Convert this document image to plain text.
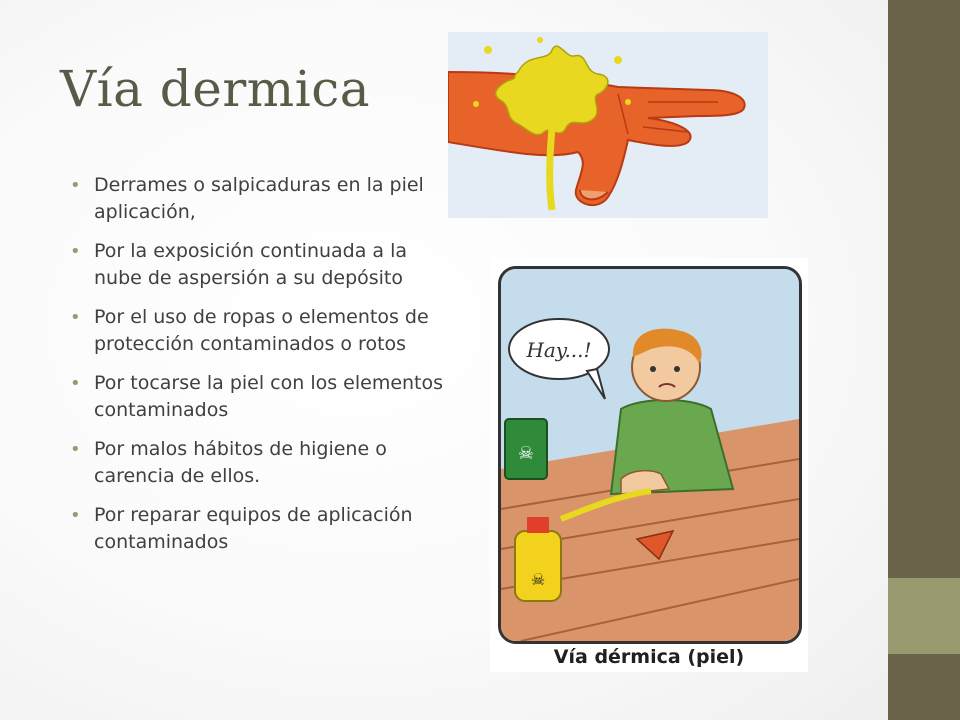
Vía dermica
• Derrames o salpicaduras en la piel aplicación,
• Por la exposición continuada a la nube de aspersión a su depósito
• Por el uso de ropas o elementos de protección contaminados o rotos
• Por tocarse la piel con los elementos contaminados
• Por malos hábitos de higiene o carencia de ellos.
• Por reparar equipos de aplicación contaminados
☠
☠
Hay...!
Vía dérmica (piel)
